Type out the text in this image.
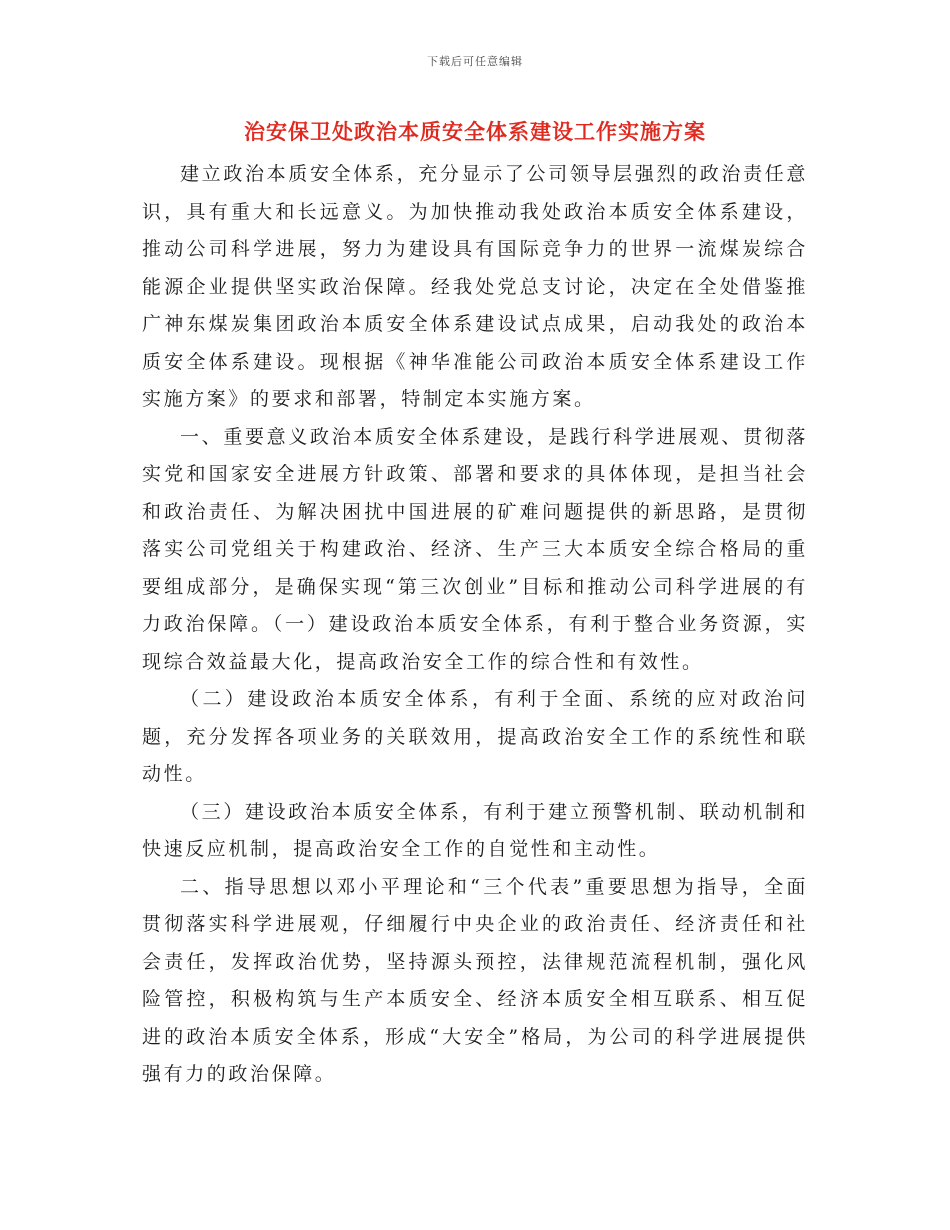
下载后可任意编辑
治安保卫处政治本质安全体系建设工作实施方案

建立政治本质安全体系，充分显示了公司领导层强烈的政治责任意识，具有重大和长远意义。为加快推动我处政治本质安全体系建设，推动公司科学进展，努力为建设具有国际竞争力的世界一流煤炭综合能源企业提供坚实政治保障。经我处党总支讨论，决定在全处借鉴推广神东煤炭集团政治本质安全体系建设试点成果，启动我处的政治本质安全体系建设。现根据《神华准能公司政治本质安全体系建设工作实施方案》的要求和部署，特制定本实施方案。

一、重要意义政治本质安全体系建设，是践行科学进展观、贯彻落实党和国家安全进展方针政策、部署和要求的具体体现，是担当社会和政治责任、为解决困扰中国进展的矿难问题提供的新思路，是贯彻落实公司党组关于构建政治、经济、生产三大本质安全综合格局的重要组成部分，是确保实现“第三次创业”目标和推动公司科学进展的有力政治保障。（一）建设政治本质安全体系，有利于整合业务资源，实现综合效益最大化，提高政治安全工作的综合性和有效性。

（二）建设政治本质安全体系，有利于全面、系统的应对政治问题，充分发挥各项业务的关联效用，提高政治安全工作的系统性和联动性。

（三）建设政治本质安全体系，有利于建立预警机制、联动机制和快速反应机制，提高政治安全工作的自觉性和主动性。

二、指导思想以邓小平理论和“三个代表”重要思想为指导，全面贯彻落实科学进展观，仔细履行中央企业的政治责任、经济责任和社会责任，发挥政治优势，坚持源头预控，法律规范流程机制，强化风险管控，积极构筑与生产本质安全、经济本质安全相互联系、相互促进的政治本质安全体系，形成“大安全”格局，为公司的科学进展提供强有力的政治保障。
